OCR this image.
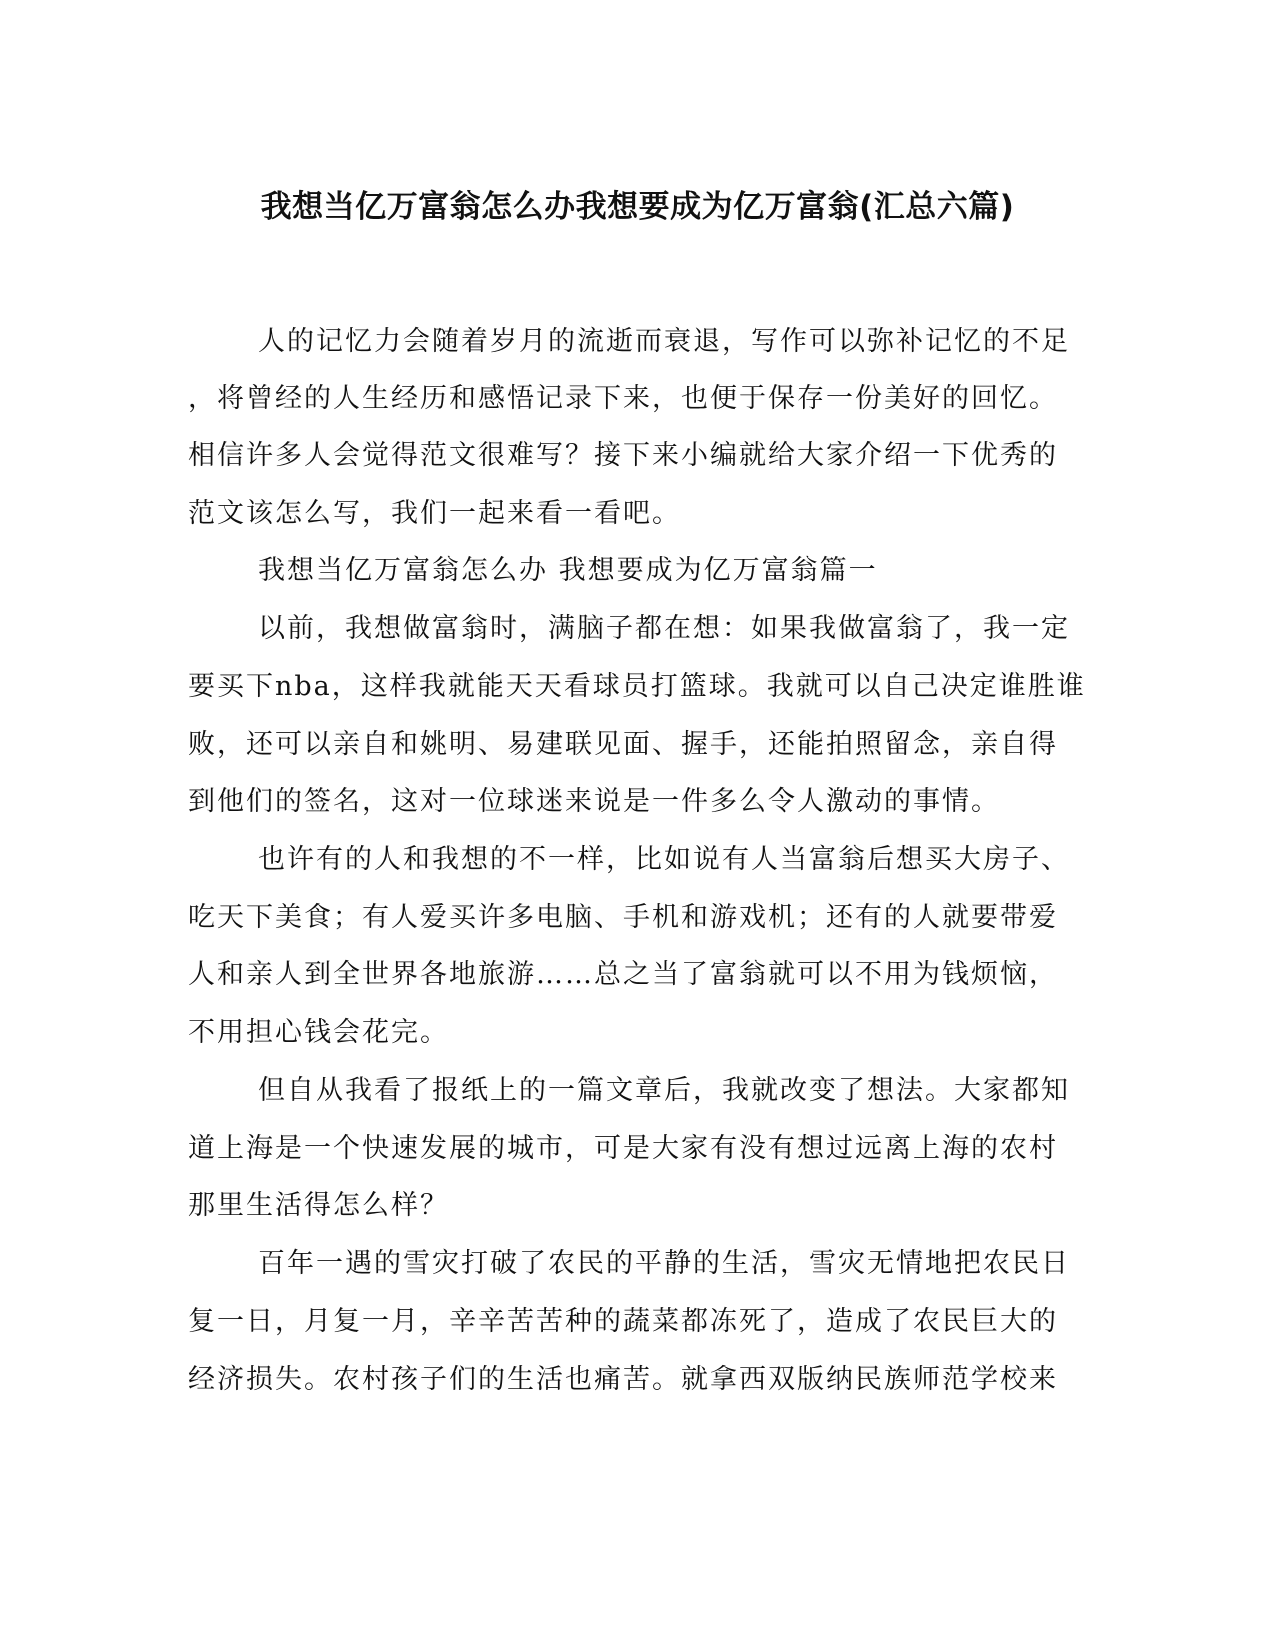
我想当亿万富翁怎么办我想要成为亿万富翁(汇总六篇)
人的记忆力会随着岁月的流逝而衰退，写作可以弥补记忆的不足
，将曾经的人生经历和感悟记录下来，也便于保存一份美好的回忆。
相信许多人会觉得范文很难写？接下来小编就给大家介绍一下优秀的
范文该怎么写，我们一起来看一看吧。
我想当亿万富翁怎么办 我想要成为亿万富翁篇一
以前，我想做富翁时，满脑子都在想：如果我做富翁了，我一定
要买下nba，这样我就能天天看球员打篮球。我就可以自己决定谁胜谁
败，还可以亲自和姚明、易建联见面、握手，还能拍照留念，亲自得
到他们的签名，这对一位球迷来说是一件多么令人激动的事情。
也许有的人和我想的不一样，比如说有人当富翁后想买大房子、
吃天下美食；有人爱买许多电脑、手机和游戏机；还有的人就要带爱
人和亲人到全世界各地旅游……总之当了富翁就可以不用为钱烦恼，
不用担心钱会花完。
但自从我看了报纸上的一篇文章后，我就改变了想法。大家都知
道上海是一个快速发展的城市，可是大家有没有想过远离上海的农村
那里生活得怎么样？
百年一遇的雪灾打破了农民的平静的生活，雪灾无情地把农民日
复一日，月复一月，辛辛苦苦种的蔬菜都冻死了，造成了农民巨大的
经济损失。农村孩子们的生活也痛苦。就拿西双版纳民族师范学校来
